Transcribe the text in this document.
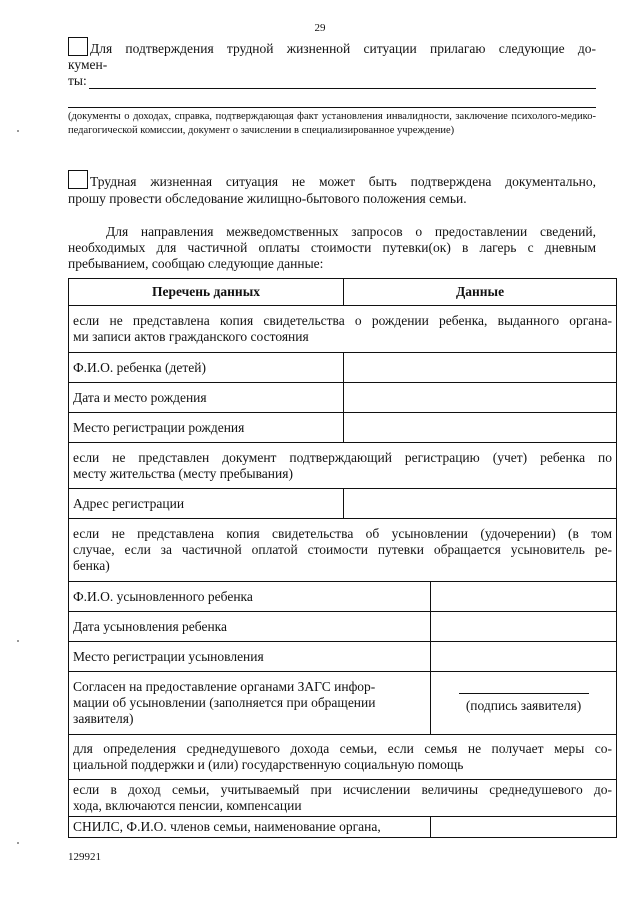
29
Для подтверждения трудной жизненной ситуации прилагаю следующие до-
кумен-
ты:
(документы о доходах, справка, подтверждающая факт установления инвалидности, заключение психолого-медико-педагогической комиссии, документ о зачислении в специализированное учреждение)
Трудная жизненная ситуация не может быть подтверждена документально,
прошу провести обследование жилищно-бытового положения семьи.
Для направления межведомственных запросов о предоставлении сведений,
необходимых для частичной оплаты стоимости путевки(ок) в лагерь с дневным
пребыванием, сообщаю следующие данные:
Перечень данных	Данные	

если не представлена копия свидетельства о рождении ребенка, выданного органа-
ми записи актов гражданского состояния		

Ф.И.О. ребенка (детей)		
Дата и место рождения		
Место регистрации рождения		

если не представлен документ подтверждающий регистрацию (учет) ребенка по
месту жительства (месту пребывания)		

Адрес регистрации		

если не представлена копия свидетельства об усыновлении (удочерении) (в том
случае, если за частичной оплатой стоимости путевки обращается усыновитель ре-
бенка)		

Ф.И.О. усыновленного ребенка		
Дата усыновления ребенка		
Место регистрации усыновления		

Согласен на предоставление органами ЗАГС инфор-
мации об усыновлении (заполняется при обращении
заявителя)		(подпись заявителя)

для определения среднедушевого дохода семьи, если семья не получает меры со-
циальной поддержки и (или) государственную социальную помощь		

если в доход семьи, учитываемый при исчислении величины среднедушевого до-
хода, включаются пенсии, компенсации		

СНИЛС, Ф.И.О. членов семьи, наименование органа,		
129921
